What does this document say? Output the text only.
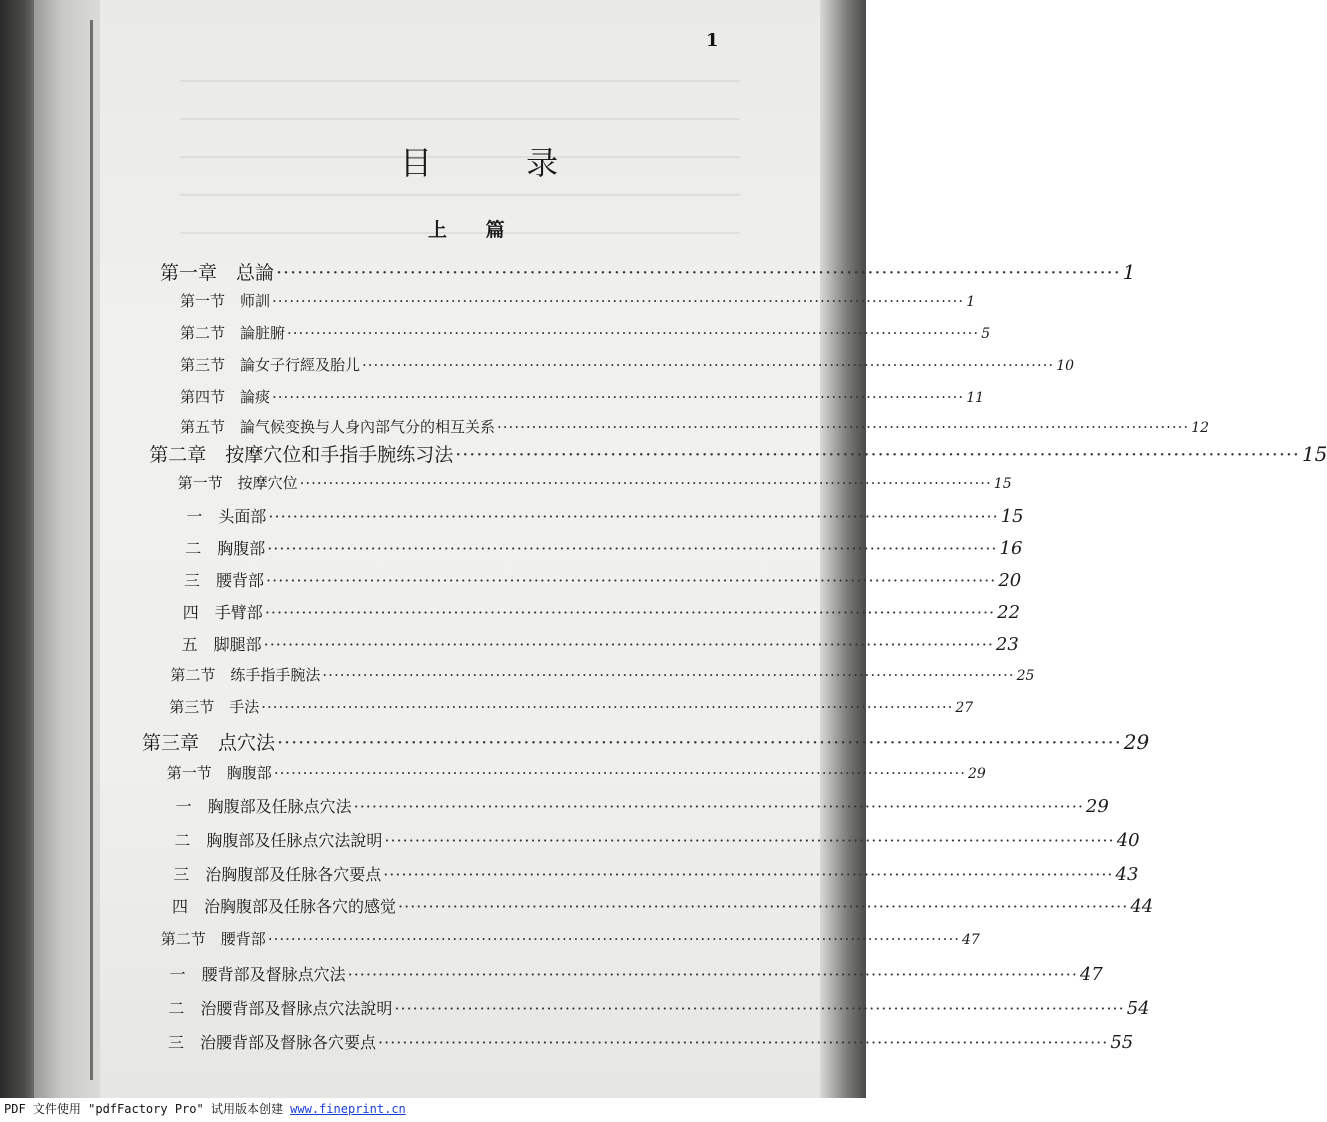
1
目 录
上 篇
第一章　总論 ························································································································ 1
第一节　师訓 ························································································································ 1
第二节　論脏腑 ························································································································ 5
第三节　論女子行經及胎儿 ························································································································ 10
第四节　論痰 ························································································································ 11
第五节　論气候变换与人身內部气分的相互关系 ························································································································ 12
第二章　按摩穴位和手指手腕练习法 ························································································································ 15
第一节　按摩穴位 ························································································································ 15
一　头面部 ························································································································ 15
二　胸腹部 ························································································································ 16
三　腰背部 ························································································································ 20
四　手臂部 ························································································································ 22
五　脚腿部 ························································································································ 23
第二节　练手指手腕法 ························································································································ 25
第三节　手法 ························································································································ 27
第三章　点穴法 ························································································································ 29
第一节　胸腹部 ························································································································ 29
一　胸腹部及任脉点穴法 ························································································································ 29
二　胸腹部及任脉点穴法說明 ························································································································ 40
三　治胸腹部及任脉各穴要点 ························································································································ 43
四　治胸腹部及任脉各穴的感觉 ························································································································ 44
第二节　腰背部 ························································································································ 47
一　腰背部及督脉点穴法 ························································································································ 47
二　治腰背部及督脉点穴法說明 ························································································································ 54
三　治腰背部及督脉各穴要点 ························································································································ 55
PDF 文件使用 "pdfFactory Pro" 试用版本创建 www.fineprint.cn
